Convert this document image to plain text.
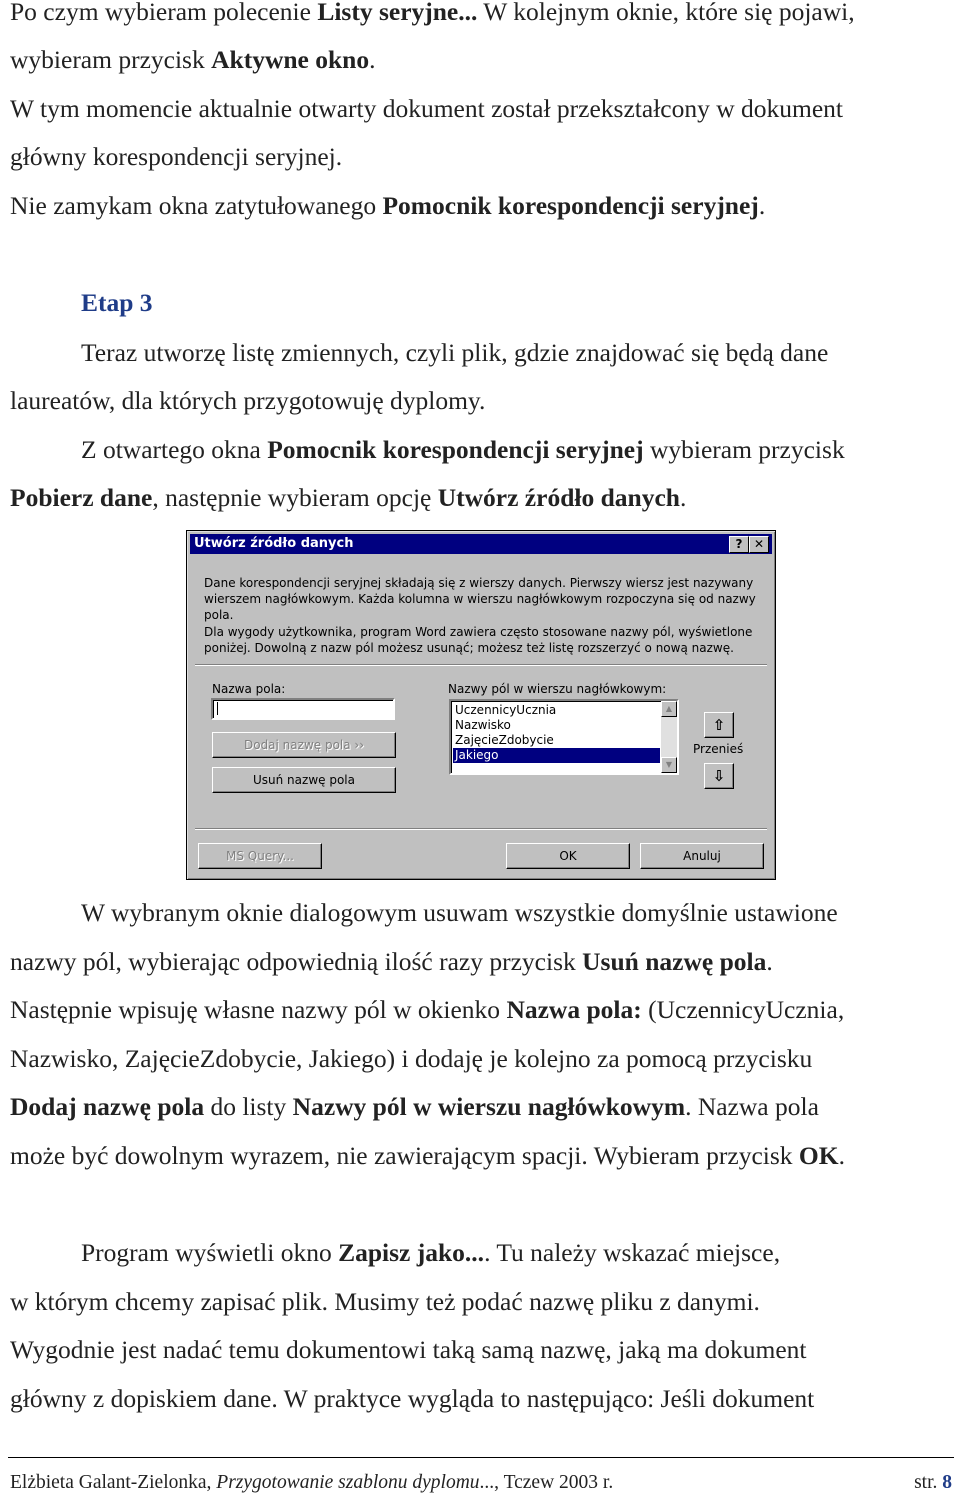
Po czym wybieram polecenie Listy seryjne... W kolejnym oknie, które się pojawi,
wybieram przycisk Aktywne okno.
W tym momencie aktualnie otwarty dokument został przekształcony w dokument
główny korespondencji seryjnej.
Nie zamykam okna zatytułowanego Pomocnik korespondencji seryjnej.
Etap 3
Teraz utworzę listę zmiennych, czyli plik, gdzie znajdować się będą dane
laureatów, dla których przygotowuję dyplomy.
Z otwartego okna Pomocnik korespondencji seryjnej wybieram przycisk
Pobierz dane, następnie wybieram opcję Utwórz źródło danych.
Utwórz źródło danych	? ✕
Dane korespondencji seryjnej składają się z wierszy danych. Pierwszy wiersz jest nazywany
wierszem nagłówkowym. Każda kolumna w wierszu nagłówkowym rozpoczyna się od nazwy pola.
Dla wygody użytkownika, program Word zawiera często stosowane nazwy pól, wyświetlone
poniżej. Dowolną z nazw pól możesz usunąć; możesz też listę rozszerzyć o nową nazwę.
Nazwa pola:
Dodaj nazwę pola ››
Usuń nazwę pola
Nazwy pól w wierszu nagłówkowym:
UczennicyUcznia
Nazwisko
ZajęcieZdobycie
Jakiego
▲
▼
⇧
Przenieś
⇩
MS Query...	OK	Anuluj
W wybranym oknie dialogowym usuwam wszystkie domyślnie ustawione
nazwy pól, wybierając odpowiednią ilość razy przycisk Usuń nazwę pola.
Następnie wpisuję własne nazwy pól w okienko Nazwa pola: (UczennicyUcznia,
Nazwisko, ZajęcieZdobycie, Jakiego) i dodaję je kolejno za pomocą przycisku
Dodaj nazwę pola do listy Nazwy pól w wierszu nagłówkowym. Nazwa pola
może być dowolnym wyrazem, nie zawierającym spacji. Wybieram przycisk OK.
Program wyświetli okno Zapisz jako.... Tu należy wskazać miejsce,
w którym chcemy zapisać plik. Musimy też podać nazwę pliku z danymi.
Wygodnie jest nadać temu dokumentowi taką samą nazwę, jaką ma dokument
główny z dopiskiem dane. W praktyce wygląda to następująco: Jeśli dokument
Elżbieta Galant-Zielonka, Przygotowanie szablonu dyplomu..., Tczew 2003 r.	str. 8
